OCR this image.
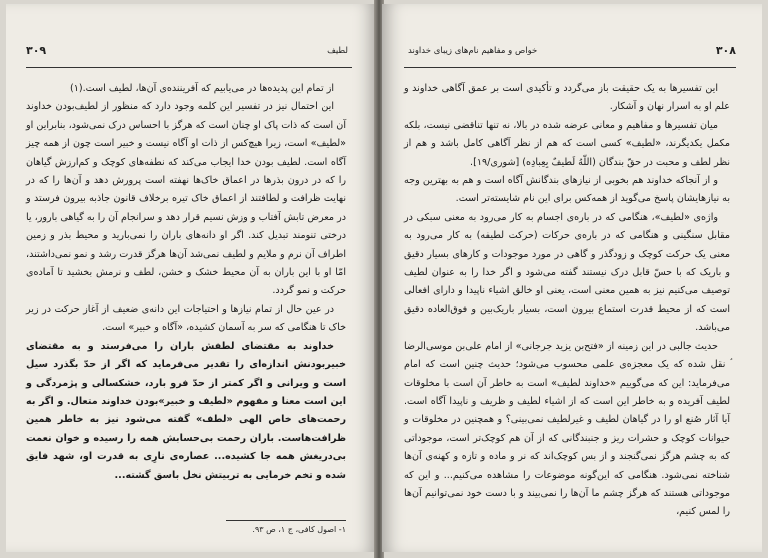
۳۰۹	لطیف

از تمام این پدیده‌ها در می‌یابیم که آفریننده‌ی آن‌ها، لطیف است.(۱)

این احتمال نیز در تفسیر این کلمه وجود دارد که منظور از لطیف‌بودن خداوند آن است که ذات پاک او چنان است که هرگز با احساس درک نمی‌شود، بنابراین او «لطیف» است، زیرا هیچ‌کس از ذات او آگاه نیست و خبیر است چون از همه چیز آگاه است. لطیف بودن خدا ایجاب می‌کند که نطفه‌های کوچک و کم‌ارزش گیاهان را که در درون بذرها در اعماق خاک‌ها نهفته است پرورش دهد و آن‌ها را که در نهایت ظرافت و لطافتند از اعماق خاک تیره برخلاف قانون جاذبه بیرون فرستد و در معرض تابش آفتاب و وزش نسیم قرار دهد و سرانجام آن را به گیاهی بارور، یا درختی تنومند تبدیل کند. اگر او دانه‌های باران را نمی‌بارید و محیط بذر و زمین اطراف آن نرم و ملایم و لطیف نمی‌شد آن‌ها هرگز قدرت رشد و نمو نمی‌داشتند، امّا او با این باران به آن محیط خشک و خشن، لطف و نرمش بخشید تا آماده‌ی حرکت و نمو گردد.

در عین حال از تمام نیازها و احتیاجات این دانه‌ی ضعیف از آغاز حرکت در زیر خاک تا هنگامی که سر به آسمان کشیده، «آگاه و خبیر» است.

خداوند به مقتضای لطفش باران را می‌فرستد و به مقتضای خبیربودنش اندازه‌ای را تقدیر می‌فرماید که اگر از حدّ بگذرد سیل است و ویرانی و اگر کمتر از حدّ فرو بارد، خشکسالی و پژمردگی و این است معنا و مفهوم «لطیف و خبیر»بودن خداوند متعال. و اگر به رحمت‌های خاص الهی «لطف» گفته می‌شود نیز به خاطر همین ظرافت‌هاست. باران رحمت بی‌حسابش همه را رسیده و خوان نعمت بی‌دریغش همه جا کشیده... عصاره‌ی نارِی به قدرت او، شهد فایق شده و تخم خرمایی به تربیتش نخل باسق گشته...

۱- اصول کافی، ج ۱، ص ۹۳.
۳۰۸
خواص و مفاهیم نام‌های زیبای خداوند

این تفسیرها به یک حقیقت باز می‌گردد و تأکیدی است بر عمق آگاهی خداوند و علم او به اسرار نهان و آشکار.

میان تفسیرها و مفاهیم و معانی عرضه شده در بالا، نه تنها تناقضی نیست، بلکه مکمل یکدیگرند، «لطیف» کسی است که هم از نظر آگاهی کامل باشد و هم از نظر لطف و محبت در حقّ بندگان (اللّهُ لَطیفٌ بِعِبادِه) [شوری/۱۹].

و از آنجاکه خداوند هم بخوبی از نیازهای بندگانش آگاه است و هم به بهترین وجه به نیازهایشان پاسخ می‌گوید از همه‌کس برای این نام شایسته‌تر است.

واژه‌ی «لطیف»، هنگامی که در باره‌ی اجسام به کار می‌رود به معنی سبکی در مقابل سنگینی و هنگامی که در باره‌ی حرکات (حرکت لطیفه) به کار می‌رود به معنی یک حرکت کوچک و زودگذر و گاهی در مورد موجودات و کارهای بسیار دقیق و باریک که با حسّ قابل درک نیستند گفته می‌شود و اگر خدا را به عنوان لطیف توصیف می‌کنیم نیز به همین معنی است، یعنی او خالق اشیاء ناپیدا و دارای افعالی است که از محیط قدرت استماع بیرون است، بسیار باریک‌بین و فوق‌العاده دقیق می‌باشد.

حدیث جالبی در این زمینه از «فتح‌بن یزید جرجانی» از امام علی‌بن موسی‌الرضا ؑ نقل شده که یک معجزه‌ی علمی محسوب می‌شود؛ حدیث چنین است که امام می‌فرماید: این که می‌گوییم «خداوند لطیف» است به خاطر آن است با مخلوقات لطیف آفریده و به خاطر این است که از اشیاء لطیف و ظریف و ناپیدا آگاه است. آیا آثار صُنع او را در گیاهان لطیف و غیرلطیف نمی‌بینی؟ و همچنین در مخلوقات و حیوانات کوچک و حشرات ریز و جنبندگانی که از آن هم کوچک‌تر است، موجوداتی که به چشم هرگز نمی‌گنجند و از بس کوچک‌اند که نر و ماده و تازه و کهنه‌ی آن‌ها شناخته نمی‌شود. هنگامی که این‌گونه موضوعات را مشاهده می‌کنیم... و این که موجوداتی هستند که هرگز چشم ما آن‌ها را نمی‌بیند و با دست خود نمی‌توانیم آن‌ها را لمس کنیم،
